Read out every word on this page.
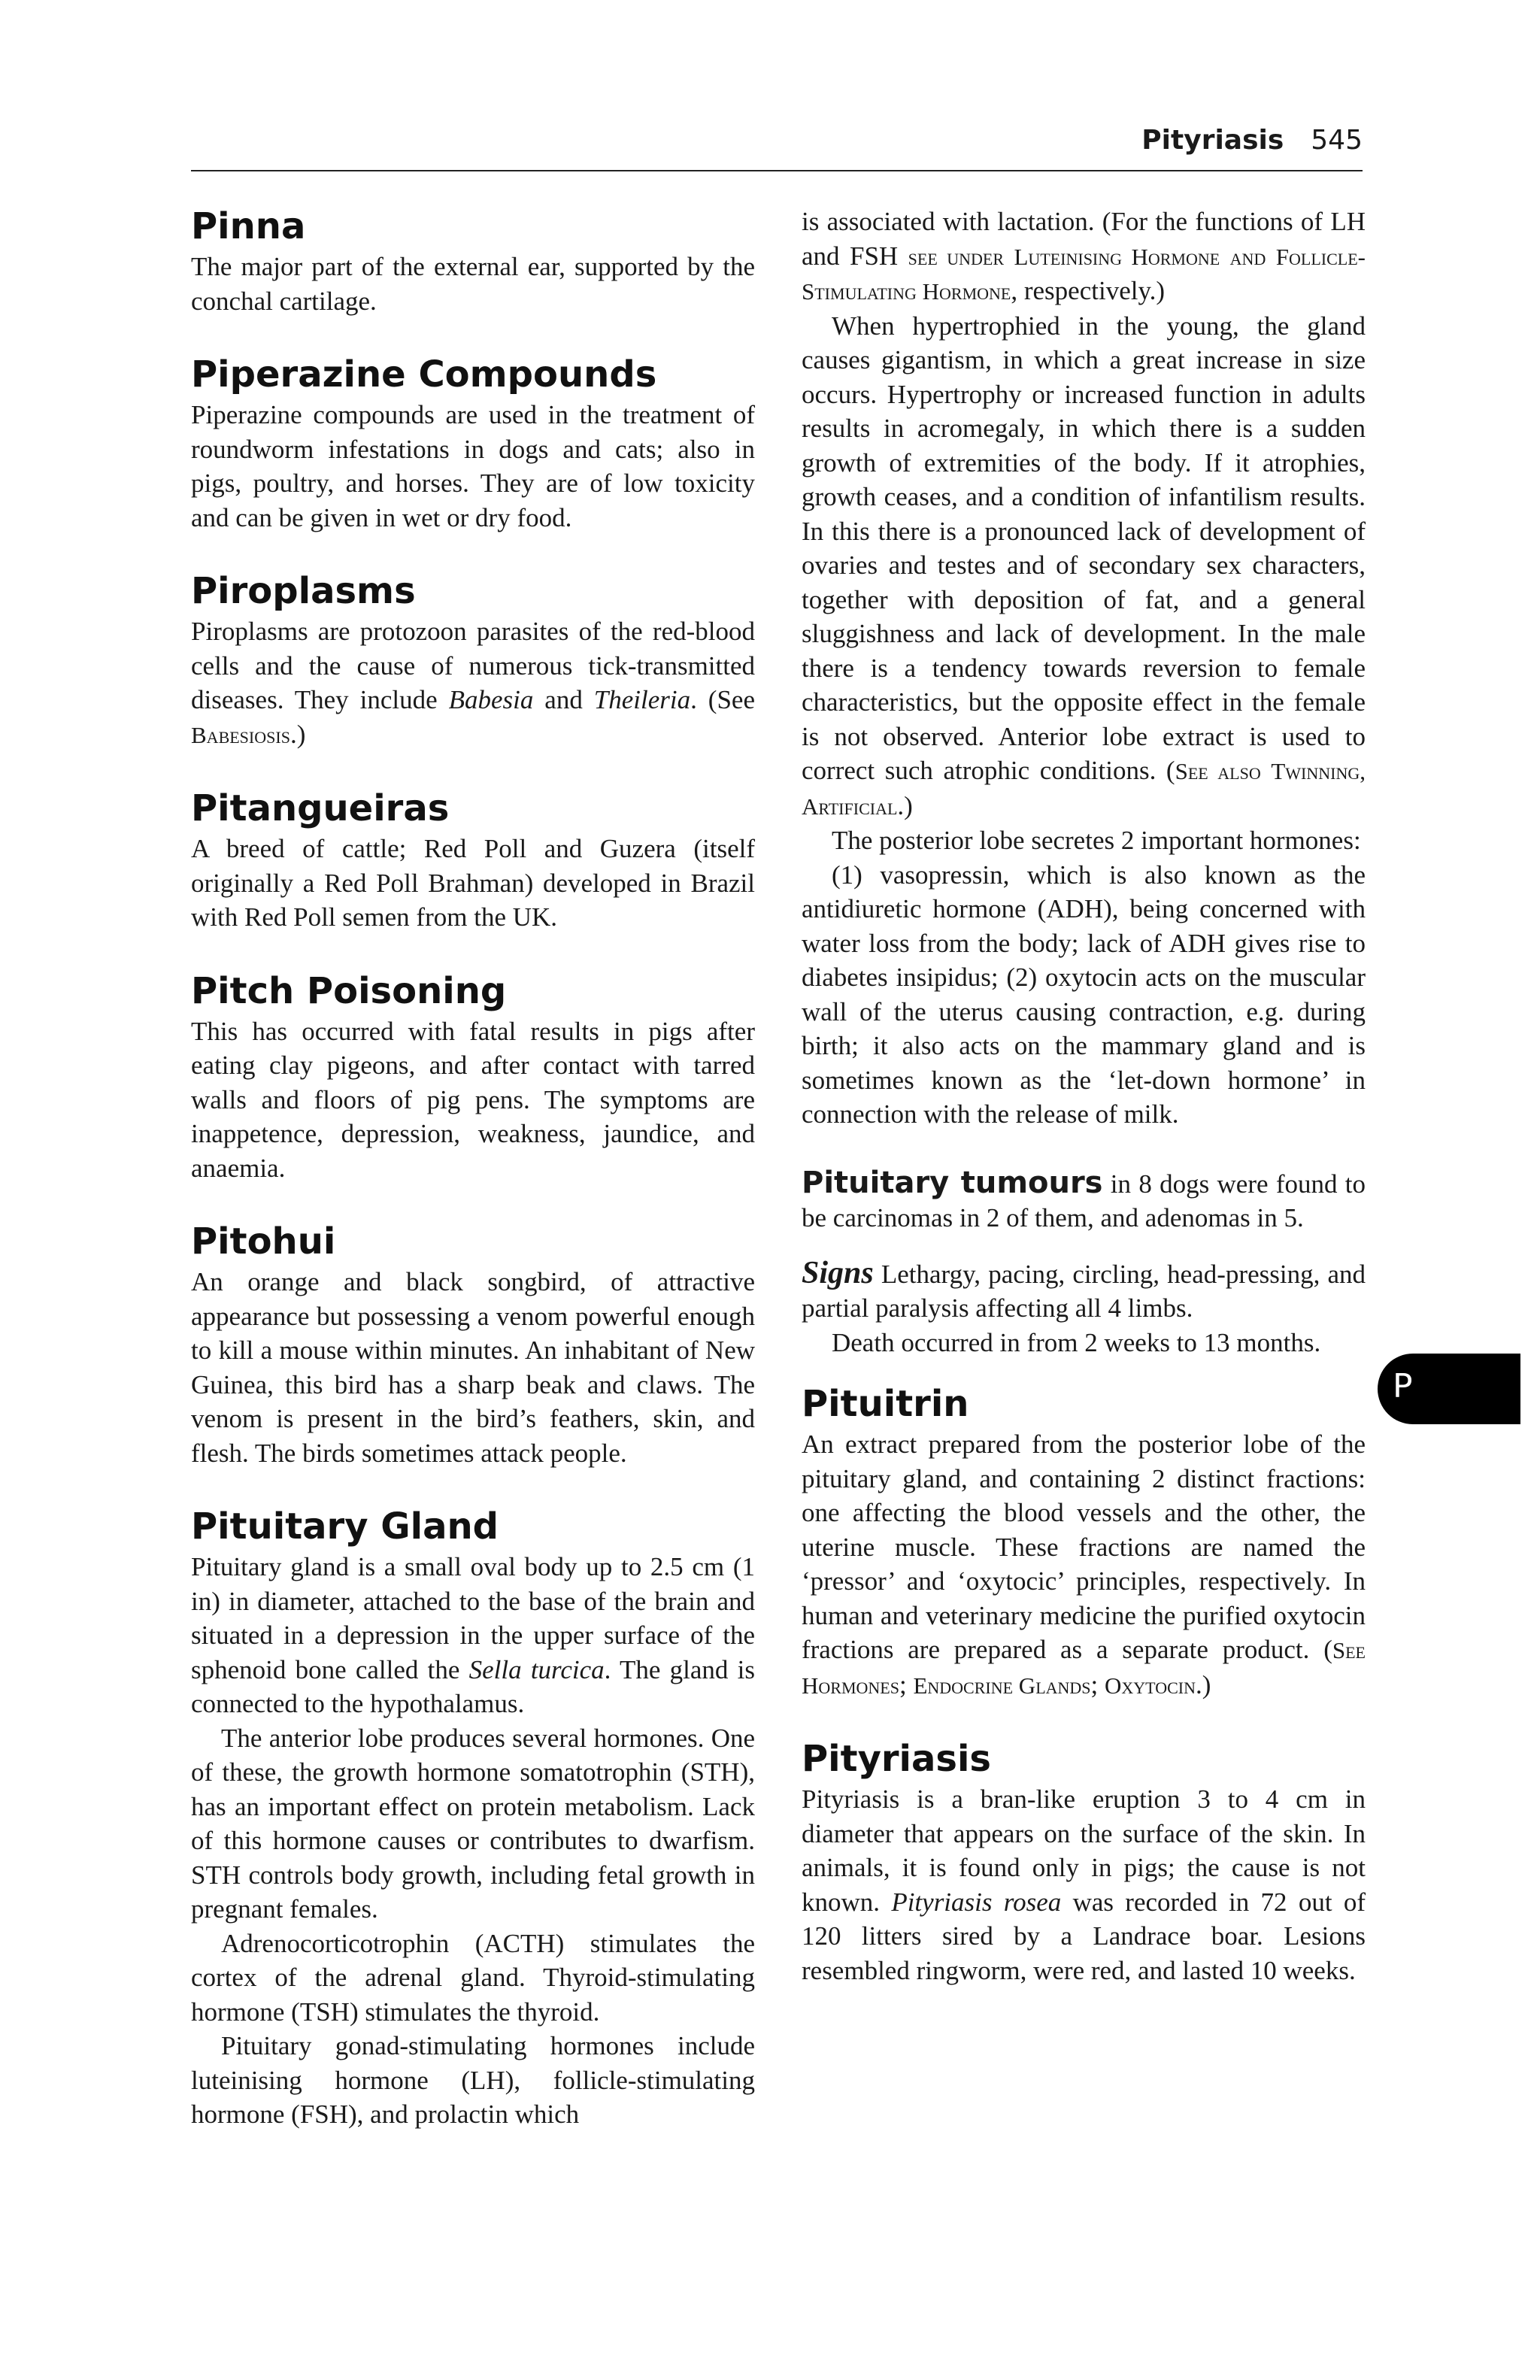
Pityriasis 545
Pinna

The major part of the external ear, supported by the conchal cartilage.

Piperazine Compounds

Piperazine compounds are used in the treatment of roundworm infestations in dogs and cats; also in pigs, poultry, and horses. They are of low toxicity and can be given in wet or dry food.

Piroplasms

Piroplasms are protozoon parasites of the red-blood cells and the cause of numerous tick-transmitted diseases. They include Babesia and Theileria. (See Babesiosis.)

Pitangueiras

A breed of cattle; Red Poll and Guzera (itself originally a Red Poll Brahman) developed in Brazil with Red Poll semen from the UK.

Pitch Poisoning

This has occurred with fatal results in pigs after eating clay pigeons, and after contact with tarred walls and floors of pig pens. The symptoms are inappetence, depression, weakness, jaundice, and anaemia.

Pitohui

An orange and black songbird, of attractive appearance but possessing a venom powerful enough to kill a mouse within minutes. An inhabitant of New Guinea, this bird has a sharp beak and claws. The venom is present in the bird’s feathers, skin, and flesh. The birds sometimes attack people.

Pituitary Gland

Pituitary gland is a small oval body up to 2.5 cm (1 in) in diameter, attached to the base of the brain and situated in a depression in the upper surface of the sphenoid bone called the Sella turcica. The gland is connected to the hypothalamus.

The anterior lobe produces several hormones. One of these, the growth hormone somatotrophin (STH), has an important effect on protein metabolism. Lack of this hormone causes or contributes to dwarfism. STH controls body growth, including fetal growth in pregnant females.

Adrenocorticotrophin (ACTH) stimulates the cortex of the adrenal gland. Thyroid-stimulating hormone (TSH) stimulates the thyroid.

Pituitary gonad-stimulating hormones include luteinising hormone (LH), follicle-stimulating hormone (FSH), and prolactin which

is associated with lactation. (For the functions of LH and FSH see under Luteinising Hormone and Follicle-Stimulating Hormone, respectively.)

When hypertrophied in the young, the gland causes gigantism, in which a great increase in size occurs. Hypertrophy or increased function in adults results in acromegaly, in which there is a sudden growth of extremities of the body. If it atrophies, growth ceases, and a condition of infantilism results. In this there is a pronounced lack of development of ovaries and testes and of secondary sex characters, together with deposition of fat, and a general sluggishness and lack of development. In the male there is a tendency towards reversion to female characteristics, but the opposite effect in the female is not observed. Anterior lobe extract is used to correct such atrophic conditions. (See also Twinning, Artificial.)

The posterior lobe secretes 2 important hormones:

(1) vasopressin, which is also known as the antidiuretic hormone (ADH), being concerned with water loss from the body; lack of ADH gives rise to diabetes insipidus; (2) oxytocin acts on the muscular wall of the uterus causing contraction, e.g. during birth; it also acts on the mammary gland and is sometimes known as the ‘let-down hormone’ in connection with the release of milk.

Pituitary tumours in 8 dogs were found to be carcinomas in 2 of them, and adenomas in 5.

Signs Lethargy, pacing, circling, head-pressing, and partial paralysis affecting all 4 limbs.

Death occurred in from 2 weeks to 13 months.

Pituitrin

An extract prepared from the posterior lobe of the pituitary gland, and containing 2 distinct fractions: one affecting the blood vessels and the other, the uterine muscle. These fractions are named the ‘pressor’ and ‘oxytocic’ principles, respectively. In human and veterinary medicine the purified oxytocin fractions are prepared as a separate product. (See Hormones; Endocrine Glands; Oxytocin.)

Pityriasis

Pityriasis is a bran-like eruption 3 to 4 cm in diameter that appears on the surface of the skin. In animals, it is found only in pigs; the cause is not known. Pityriasis rosea was recorded in 72 out of 120 litters sired by a Landrace boar. Lesions resembled ringworm, were red, and lasted 10 weeks.

P
